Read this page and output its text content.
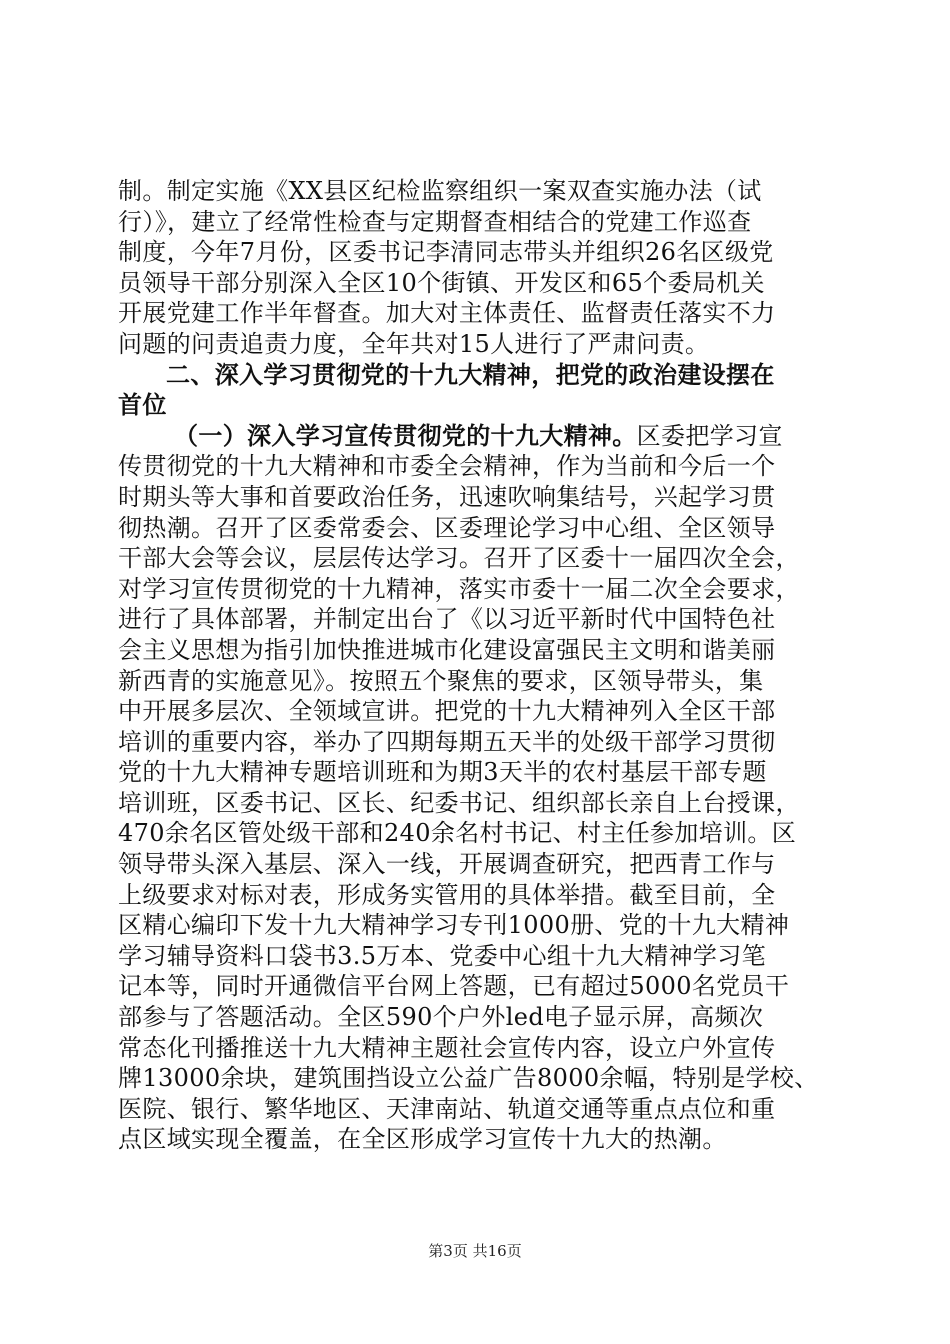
制。制定实施《XX县区纪检监察组织一案双查实施办法（试
行）》，建立了经常性检查与定期督查相结合的党建工作巡查
制度，今年7月份，区委书记李清同志带头并组织26名区级党
员领导干部分别深入全区10个街镇、开发区和65个委局机关
开展党建工作半年督查。加大对主体责任、监督责任落实不力
问题的问责追责力度，全年共对15人进行了严肃问责。
二、深入学习贯彻党的十九大精神，把党的政治建设摆在
首位
（一）深入学习宣传贯彻党的十九大精神。区委把学习宣
传贯彻党的十九大精神和市委全会精神，作为当前和今后一个
时期头等大事和首要政治任务，迅速吹响集结号，兴起学习贯
彻热潮。召开了区委常委会、区委理论学习中心组、全区领导
干部大会等会议，层层传达学习。召开了区委十一届四次全会，
对学习宣传贯彻党的十九精神，落实市委十一届二次全会要求，
进行了具体部署，并制定出台了《以习近平新时代中国特色社
会主义思想为指引加快推进城市化建设富强民主文明和谐美丽
新西青的实施意见》。按照五个聚焦的要求，区领导带头，集
中开展多层次、全领域宣讲。把党的十九大精神列入全区干部
培训的重要内容，举办了四期每期五天半的处级干部学习贯彻
党的十九大精神专题培训班和为期3天半的农村基层干部专题
培训班，区委书记、区长、纪委书记、组织部长亲自上台授课，
470余名区管处级干部和240余名村书记、村主任参加培训。区
领导带头深入基层、深入一线，开展调查研究，把西青工作与
上级要求对标对表，形成务实管用的具体举措。截至目前，全
区精心编印下发十九大精神学习专刊1000册、党的十九大精神
学习辅导资料口袋书3.5万本、党委中心组十九大精神学习笔
记本等，同时开通微信平台网上答题，已有超过5000名党员干
部参与了答题活动。全区590个户外led电子显示屏，高频次
常态化刊播推送十九大精神主题社会宣传内容，设立户外宣传
牌13000余块，建筑围挡设立公益广告8000余幅，特别是学校、
医院、银行、繁华地区、天津南站、轨道交通等重点点位和重
点区域实现全覆盖，在全区形成学习宣传十九大的热潮。
第3页 共16页
